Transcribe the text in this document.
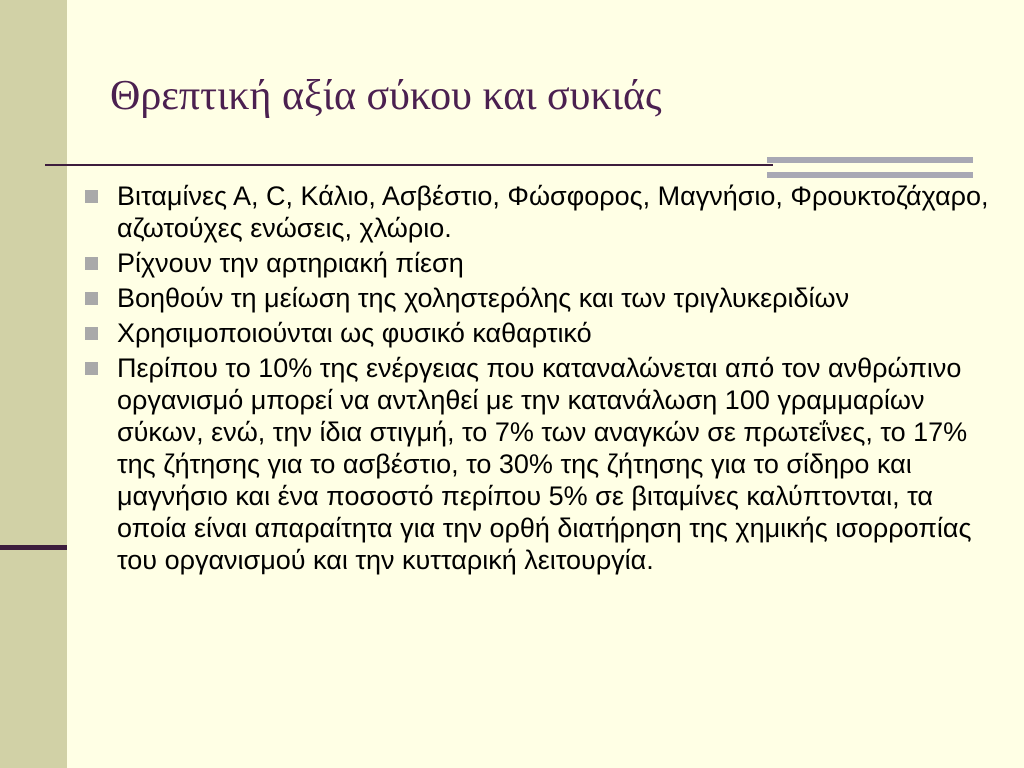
Θρεπτική αξία σύκου και συκιάς
Βιταμίνες Α, C, Κάλιο, Ασβέστιο, Φώσφορος, Μαγνήσιο, Φρουκτοζάχαρο, αζωτούχες ενώσεις, χλώριο.
Ρίχνουν την αρτηριακή πίεση
Βοηθούν τη μείωση της χοληστερόλης και των τριγλυκεριδίων
Χρησιμοποιούνται ως φυσικό καθαρτικό
Περίπου το 10% της ενέργειας που καταναλώνεται από τον ανθρώπινο οργανισμό μπορεί να αντληθεί με την κατανάλωση 100 γραμμαρίων σύκων, ενώ, την ίδια στιγμή, το 7% των αναγκών σε πρωτεΐνες, το 17% της ζήτησης για το ασβέστιο, το 30% της ζήτησης για το σίδηρο και μαγνήσιο και ένα ποσοστό περίπου 5% σε βιταμίνες καλύπτονται, τα οποία είναι απαραίτητα για την ορθή διατήρηση της χημικής ισορροπίας του οργανισμού και την κυτταρική λειτουργία.
